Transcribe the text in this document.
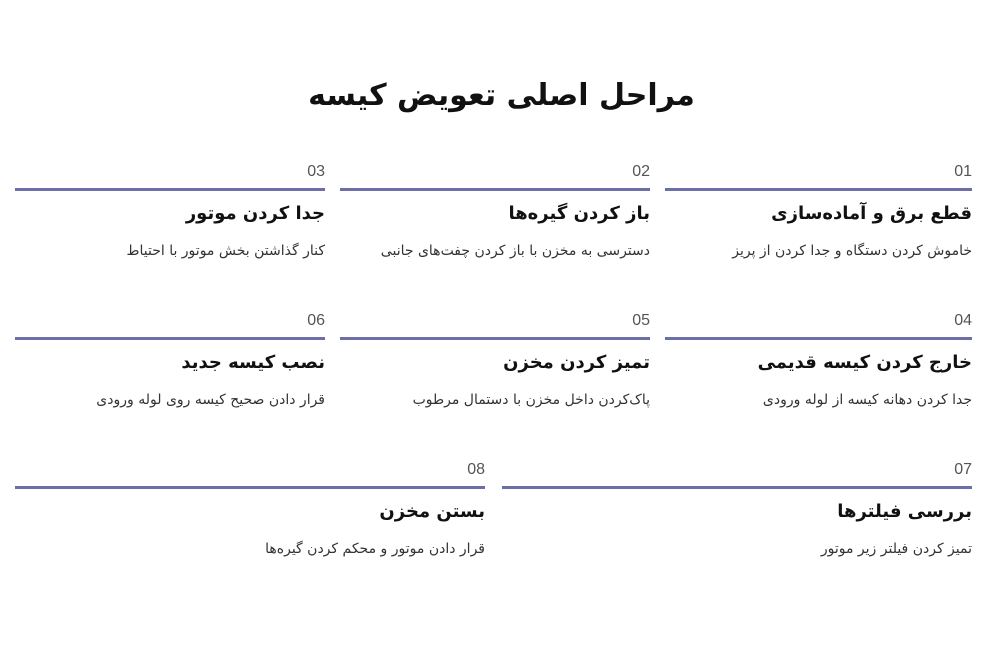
مراحل اصلی تعویض کیسه
01
قطع برق و آماده‌سازی
خاموش کردن دستگاه و جدا کردن از پریز
02
باز کردن گیره‌ها
دسترسی به مخزن با باز کردن چفت‌های جانبی
03
جدا کردن موتور
کنار گذاشتن بخش موتور با احتیاط
04
خارج کردن کیسه قدیمی
جدا کردن دهانه کیسه از لوله ورودی
05
تمیز کردن مخزن
پاک‌کردن داخل مخزن با دستمال مرطوب
06
نصب کیسه جدید
قرار دادن صحیح کیسه روی لوله ورودی
07
بررسی فیلترها
تمیز کردن فیلتر زیر موتور
08
بستن مخزن
قرار دادن موتور و محکم کردن گیره‌ها
